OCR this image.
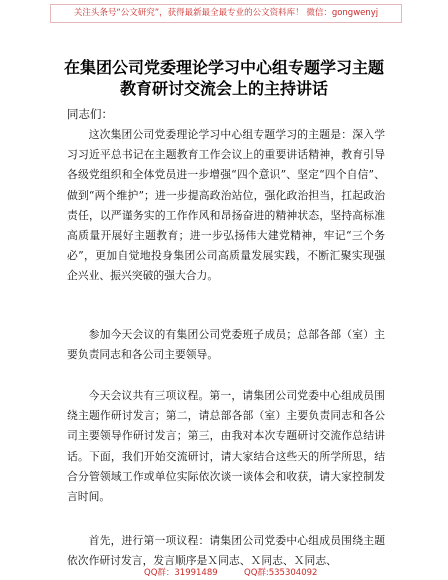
关注头条号“公文研究”，获得最新最全最专业的公文资料库！ 微信：gongwenyj
在集团公司党委理论学习中心组专题学习主题
教育研讨交流会上的主持讲话
同志们：
这次集团公司党委理论学习中心组专题学习的主题是：深入学习习近平总书记在主题教育工作会议上的重要讲话精神，教育引导各级党组织和全体党员进一步增强“四个意识”、坚定“四个自信”、做到“两个维护”；进一步提高政治站位，强化政治担当，扛起政治责任，以严谨务实的工作作风和昂扬奋进的精神状态，坚持高标准高质量开展好主题教育；进一步弘扬伟大建党精神，牢记“三个务必”，更加自觉地投身集团公司高质量发展实践，不断汇聚实现强企兴业、振兴突破的强大合力。
参加今天会议的有集团公司党委班子成员；总部各部（室）主要负责同志和各公司主要领导。
今天会议共有三项议程。第一，请集团公司党委中心组成员围绕主题作研讨发言；第二，请总部各部（室）主要负责同志和各公司主要领导作研讨发言；第三，由我对本次专题研讨交流作总结讲话。下面，我们开始交流研讨，请大家结合这些天的所学所思，结合分管领域工作或单位实际依次谈一谈体会和收获，请大家控制发言时间。
首先，进行第一项议程：请集团公司党委中心组成员围绕主题依次作研讨发言，发言顺序是Ｘ同志、Ｘ同志、Ｘ同志、
QQ群：31991489	QQ群:535304092
